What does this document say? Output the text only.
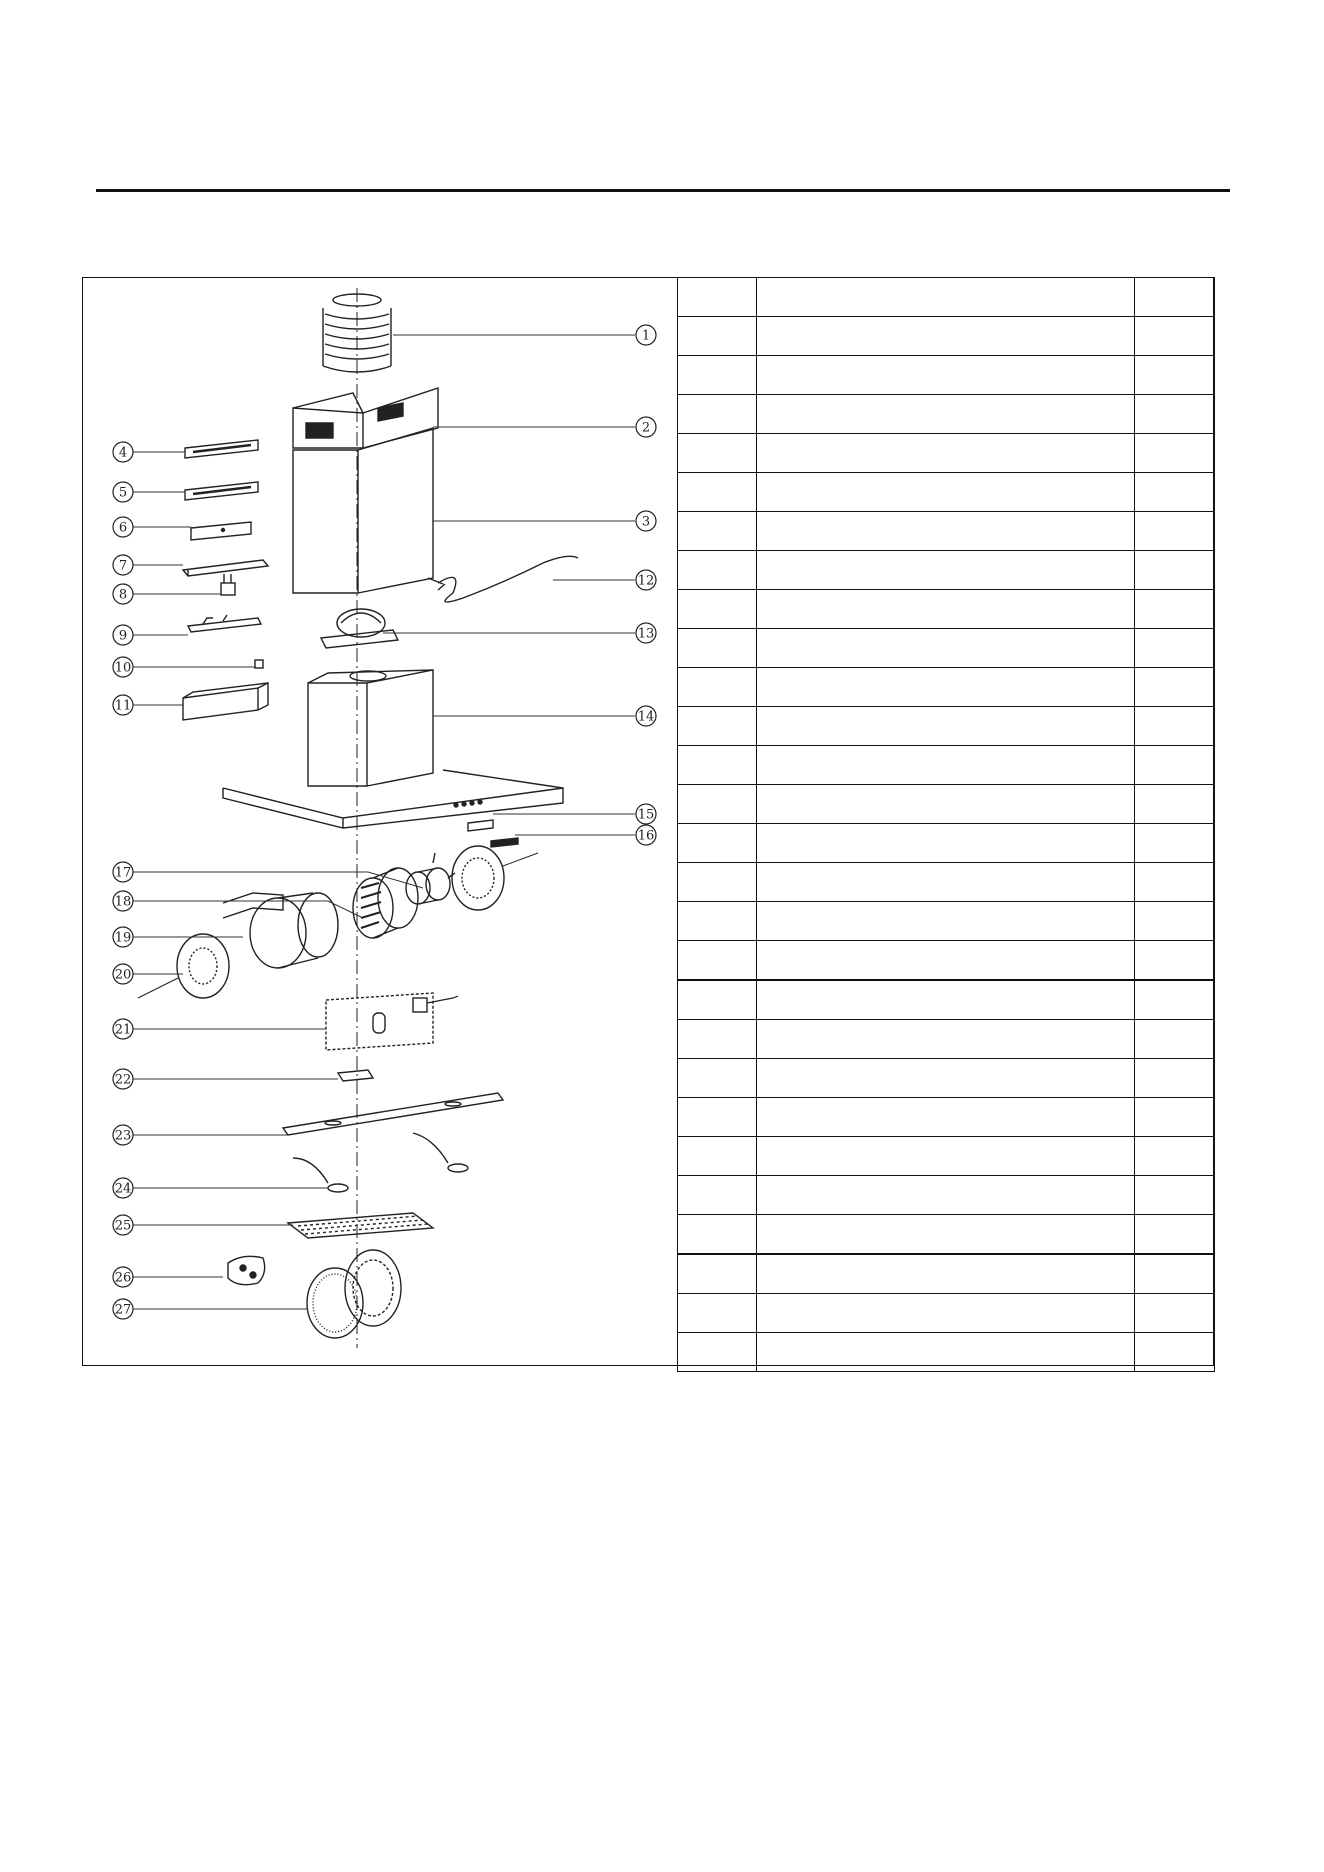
1
2
3
12
13
14
15
16
4
5
6
7
8
9
10
11
17
18
19
20
21
22
23
24
25
26
27
